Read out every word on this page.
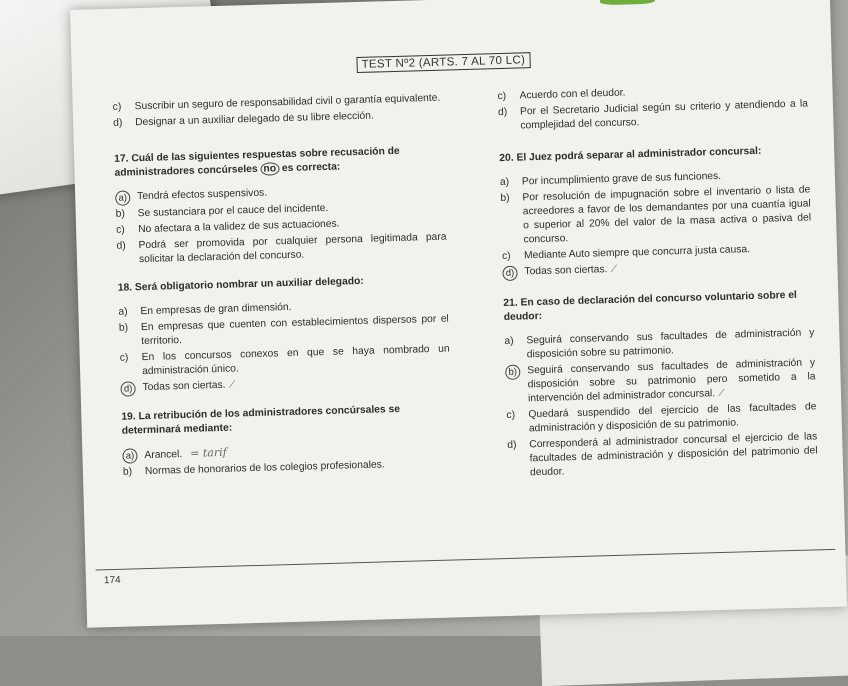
TEST Nº2 (ARTS. 7 AL 70 LC)
c)	Suscribir un seguro de responsabilidad civil o garantía equivalente.
d)	Designar a un auxiliar delegado de su libre elección.
17. Cuál de las siguientes respuestas sobre recusación de administradores concúrseles no es correcta:
a) Tendrá efectos suspensivos.
b)	Se sustanciara por el cauce del incidente.
c)	No afectara a la validez de sus actuaciones.
d)	Podrá ser promovida por cualquier persona legitimada para solicitar la declaración del concurso.
18. Será obligatorio nombrar un auxiliar delegado:
a)	En empresas de gran dimensión.
b)	En empresas que cuenten con establecimientos dispersos por el territorio.
c)	En los concursos conexos en que se haya nombrado un administración único.
d) Todas son ciertas. ⁄
19. La retribución de los administradores concúrsales se determinará mediante:
a) Arancel. = tarif
b)	Normas de honorarios de los colegios profesionales.
c)	Acuerdo con el deudor.
d)	Por el Secretario Judicial según su criterio y atendiendo a la complejidad del concurso.
20. El Juez podrá separar al administrador concursal:
a)	Por incumplimiento grave de sus funciones.
b)	Por resolución de impugnación sobre el inventario o lista de acreedores a favor de los demandantes por una cuantía igual o superior al 20% del valor de la masa activa o pasiva del concurso.
c)	Mediante Auto siempre que concurra justa causa.
d) Todas son ciertas. ⁄
21. En caso de declaración del concurso voluntario sobre el deudor:
a)	Seguirá conservando sus facultades de administración y disposición sobre su patrimonio.
b) Seguirá conservando sus facultades de administración y disposición sobre su patrimonio pero sometido a la intervención del administrador concursal. ⁄
c)	Quedará suspendido del ejercicio de las facultades de administración y disposición de su patrimonio.
d)	Corresponderá al administrador concursal el ejercicio de las facultades de administración y disposición del patrimonio del deudor.
174
